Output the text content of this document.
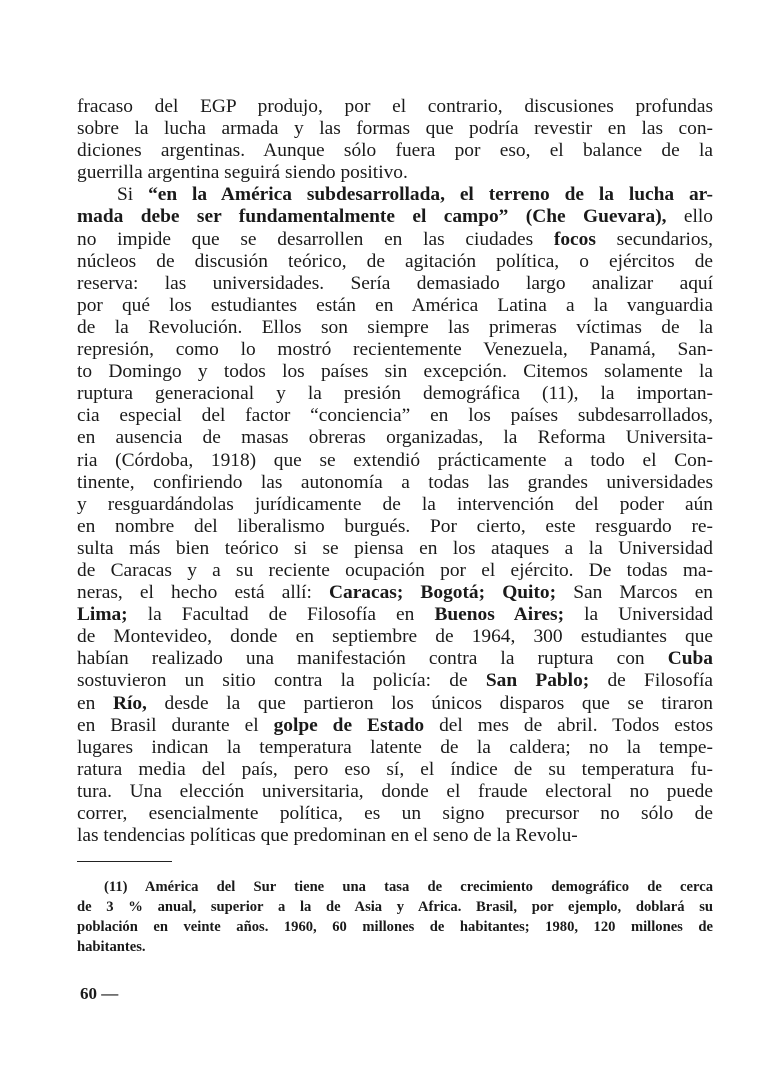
fracaso del EGP produjo, por el contrario, discusiones profundas
sobre la lucha armada y las formas que podría revestir en las con-
diciones argentinas. Aunque sólo fuera por eso, el balance de la
guerrilla argentina seguirá siendo positivo.
Si “en la América subdesarrollada, el terreno de la lucha ar-
mada debe ser fundamentalmente el campo” (Che Guevara), ello
no impide que se desarrollen en las ciudades focos secundarios,
núcleos de discusión teórico, de agitación política, o ejércitos de
reserva: las universidades. Sería demasiado largo analizar aquí
por qué los estudiantes están en América Latina a la vanguardia
de la Revolución. Ellos son siempre las primeras víctimas de la
represión, como lo mostró recientemente Venezuela, Panamá, San-
to Domingo y todos los países sin excepción. Citemos solamente la
ruptura generacional y la presión demográfica (11), la importan-
cia especial del factor “conciencia” en los países subdesarrollados,
en ausencia de masas obreras organizadas, la Reforma Universita-
ria (Córdoba, 1918) que se extendió prácticamente a todo el Con-
tinente, confiriendo las autonomía a todas las grandes universidades
y resguardándolas jurídicamente de la intervención del poder aún
en nombre del liberalismo burgués. Por cierto, este resguardo re-
sulta más bien teórico si se piensa en los ataques a la Universidad
de Caracas y a su reciente ocupación por el ejército. De todas ma-
neras, el hecho está allí: Caracas; Bogotá; Quito; San Marcos en
Lima; la Facultad de Filosofía en Buenos Aires; la Universidad
de Montevideo, donde en septiembre de 1964, 300 estudiantes que
habían realizado una manifestación contra la ruptura con Cuba
sostuvieron un sitio contra la policía: de San Pablo; de Filosofía
en Río, desde la que partieron los únicos disparos que se tiraron
en Brasil durante el golpe de Estado del mes de abril. Todos estos
lugares indican la temperatura latente de la caldera; no la tempe-
ratura media del país, pero eso sí, el índice de su temperatura fu-
tura. Una elección universitaria, donde el fraude electoral no puede
correr, esencialmente política, es un signo precursor no sólo de
las tendencias políticas que predominan en el seno de la Revolu-
(11) América del Sur tiene una tasa de crecimiento demográfico de cerca
de 3 % anual, superior a la de Asia y Africa. Brasil, por ejemplo, doblará su
población en veinte años. 1960, 60 millones de habitantes; 1980, 120 millones de
habitantes.
60 —
